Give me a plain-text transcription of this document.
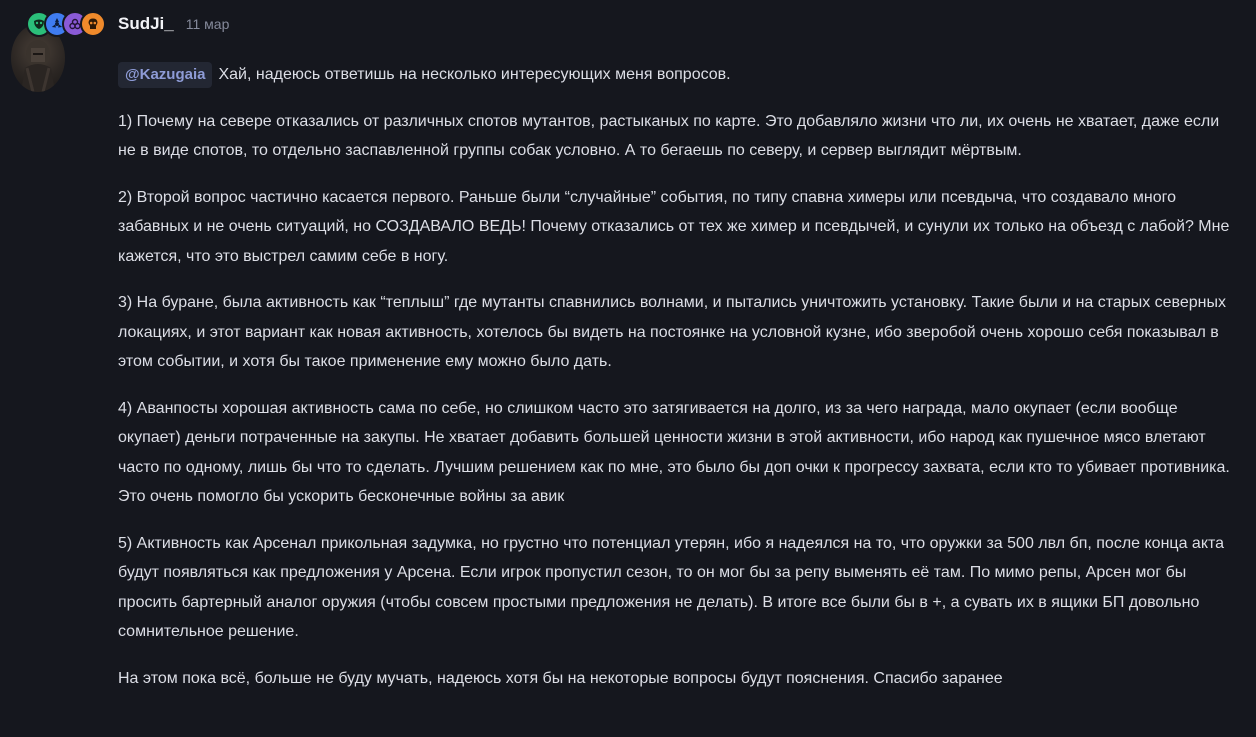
SudJi_ 11 мар

@Kazugaia Хай, надеюсь ответишь на несколько интересующих меня вопросов.

1) Почему на севере отказались от различных спотов мутантов, растыканых по карте. Это добавляло жизни что ли, их очень не хватает, даже если не в виде спотов, то отдельно заспавленной группы собак условно. А то бегаешь по северу, и сервер выглядит мёртвым.

2) Второй вопрос частично касается первого. Раньше были “случайные” события, по типу спавна химеры или псевдыча, что создавало много забавных и не очень ситуаций, но СОЗДАВАЛО ВЕДЬ! Почему отказались от тех же химер и псевдычей, и сунули их только на объезд с лабой? Мне кажется, что это выстрел самим себе в ногу.

3) На буране, была активность как “теплыш” где мутанты спавнились волнами, и пытались уничтожить установку. Такие были и на старых северных локациях, и этот вариант как новая активность, хотелось бы видеть на постоянке на условной кузне, ибо зверобой очень хорошо себя показывал в этом событии, и хотя бы такое применение ему можно было дать.

4) Аванпосты хорошая активность сама по себе, но слишком часто это затягивается на долго, из за чего награда, мало окупает (если вообще окупает) деньги потраченные на закупы. Не хватает добавить большей ценности жизни в этой активности, ибо народ как пушечное мясо влетают часто по одному, лишь бы что то сделать. Лучшим решением как по мне, это было бы доп очки к прогрессу захвата, если кто то убивает противника. Это очень помогло бы ускорить бесконечные войны за авик

5) Активность как Арсенал прикольная задумка, но грустно что потенциал утерян, ибо я надеялся на то, что оружки за 500 лвл бп, после конца акта будут появляться как предложения у Арсена. Если игрок пропустил сезон, то он мог бы за репу выменять её там. По мимо репы, Арсен мог бы просить бартерный аналог оружия (чтобы совсем простыми предложения не делать). В итоге все были бы в +, а сувать их в ящики БП довольно сомнительное решение.

На этом пока всё, больше не буду мучать, надеюсь хотя бы на некоторые вопросы будут пояснения. Спасибо заранее
